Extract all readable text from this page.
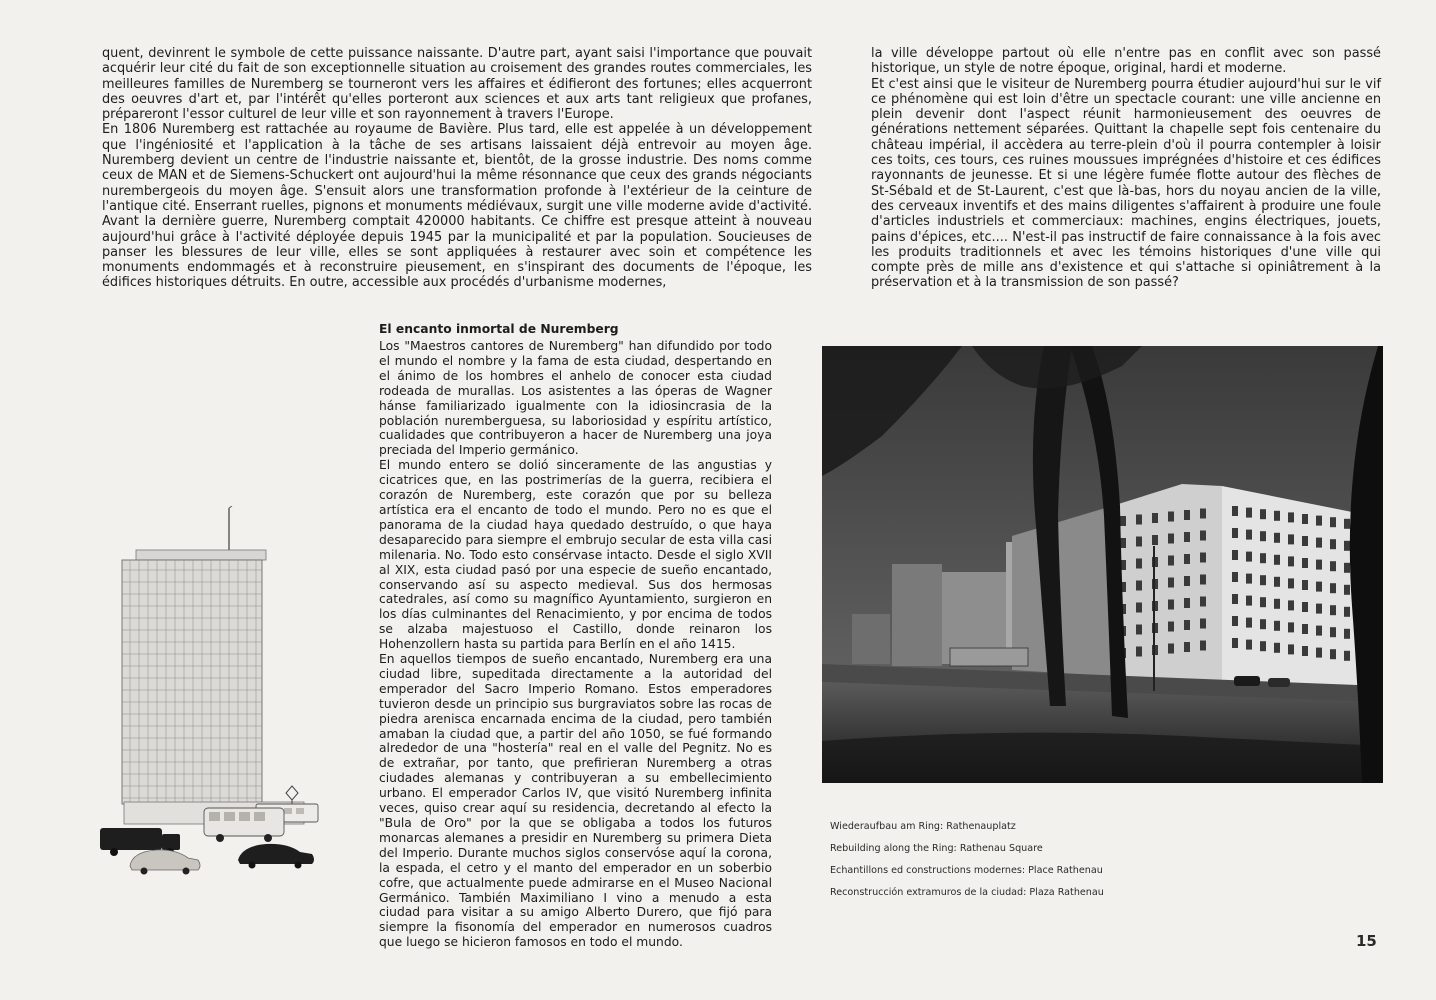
quent, devinrent le symbole de cette puissance naissante. D'autre part, ayant saisi l'importance que pouvait acquérir leur cité du fait de son exceptionnelle situation au croisement des grandes routes commerciales, les meilleures familles de Nuremberg se tourneront vers les affaires et édifieront des fortunes; elles acquerront des oeuvres d'art et, par l'intérêt qu'elles porteront aux sciences et aux arts tant religieux que profanes, prépareront l'essor culturel de leur ville et son rayonnement à travers l'Europe.

En 1806 Nuremberg est rattachée au royaume de Bavière. Plus tard, elle est appelée à un développement que l'ingéniosité et l'application à la tâche de ses artisans laissaient déjà entrevoir au moyen âge. Nuremberg devient un centre de l'industrie naissante et, bientôt, de la grosse industrie. Des noms comme ceux de MAN et de Siemens-Schuckert ont aujourd'hui la même résonnance que ceux des grands négociants nurembergeois du moyen âge. S'ensuit alors une transformation profonde à l'extérieur de la ceinture de l'antique cité. Enserrant ruelles, pignons et monuments médiévaux, surgit une ville moderne avide d'activité. Avant la dernière guerre, Nuremberg comptait 420000 habitants. Ce chiffre est presque atteint à nouveau aujourd'hui grâce à l'activité déployée depuis 1945 par la municipalité et par la population. Soucieuses de panser les blessures de leur ville, elles se sont appliquées à restaurer avec soin et compétence les monuments endommagés et à reconstruire pieusement, en s'inspirant des documents de l'époque, les édifices historiques détruits. En outre, accessible aux procédés d'urbanisme modernes,

la ville développe partout où elle n'entre pas en conflit avec son passé historique, un style de notre époque, original, hardi et moderne.

Et c'est ainsi que le visiteur de Nuremberg pourra étudier aujourd'hui sur le vif ce phénomène qui est loin d'être un spectacle courant: une ville ancienne en plein devenir dont l'aspect réunit harmonieusement des oeuvres de générations nettement séparées. Quittant la chapelle sept fois centenaire du château impérial, il accèdera au terre-plein d'où il pourra contempler à loisir ces toits, ces tours, ces ruines moussues imprégnées d'histoire et ces édifices rayonnants de jeunesse. Et si une légère fumée flotte autour des flèches de St-Sébald et de St-Laurent, c'est que là-bas, hors du noyau ancien de la ville, des cerveaux inventifs et des mains diligentes s'affairent à produire une foule d'articles industriels et commerciaux: machines, engins électriques, jouets, pains d'épices, etc.... N'est-il pas instructif de faire connaissance à la fois avec les produits traditionnels et avec les témoins historiques d'une ville qui compte près de mille ans d'existence et qui s'attache si opiniâtrement à la préservation et à la transmission de son passé?

El encanto inmortal de Nuremberg

Los "Maestros cantores de Nuremberg" han difundido por todo el mundo el nombre y la fama de esta ciudad, despertando en el ánimo de los hombres el anhelo de conocer esta ciudad rodeada de murallas. Los asistentes a las óperas de Wagner hánse familiarizado igualmente con la idiosincrasia de la población nuremberguesa, su laboriosidad y espíritu artístico, cualidades que contribuyeron a hacer de Nuremberg una joya preciada del Imperio germánico.

El mundo entero se dolió sinceramente de las angustias y cicatrices que, en las postrimerías de la guerra, recibiera el corazón de Nuremberg, este corazón que por su belleza artística era el encanto de todo el mundo. Pero no es que el panorama de la ciudad haya quedado destruído, o que haya desaparecido para siempre el embrujo secular de esta villa casi milenaria. No. Todo esto consérvase intacto. Desde el siglo XVII al XIX, esta ciudad pasó por una especie de sueño encantado, conservando así su aspecto medieval. Sus dos hermosas catedrales, así como su magnífico Ayuntamiento, surgieron en los días culminantes del Renacimiento, y por encima de todos se alzaba majestuoso el Castillo, donde reinaron los Hohenzollern hasta su partida para Berlín en el año 1415.

En aquellos tiempos de sueño encantado, Nuremberg era una ciudad libre, supeditada directamente a la autoridad del emperador del Sacro Imperio Romano. Estos emperadores tuvieron desde un principio sus burgraviatos sobre las rocas de piedra arenisca encarnada encima de la ciudad, pero también amaban la ciudad que, a partir del año 1050, se fué formando alrededor de una "hostería" real en el valle del Pegnitz. No es de extrañar, por tanto, que prefirieran Nuremberg a otras ciudades alemanas y contribuyeran a su embellecimiento urbano. El emperador Carlos IV, que visitó Nuremberg infinita veces, quiso crear aquí su residencia, decretando al efecto la "Bula de Oro" por la que se obligaba a todos los futuros monarcas alemanes a presidir en Nuremberg su primera Dieta del Imperio. Durante muchos siglos conservóse aquí la corona, la espada, el cetro y el manto del emperador en un soberbio cofre, que actualmente puede admirarse en el Museo Nacional Germánico. También Maximiliano I vino a menudo a esta ciudad para visitar a su amigo Alberto Durero, que fijó para siempre la fisonomía del emperador en numerosos cuadros que luego se hicieron famosos en todo el mundo.

Wiederaufbau am Ring: Rathenauplatz
Rebuilding along the Ring: Rathenau Square
Echantillons ed constructions modernes: Place Rathenau
Reconstrucción extramuros de la ciudad: Plaza Rathenau
15
